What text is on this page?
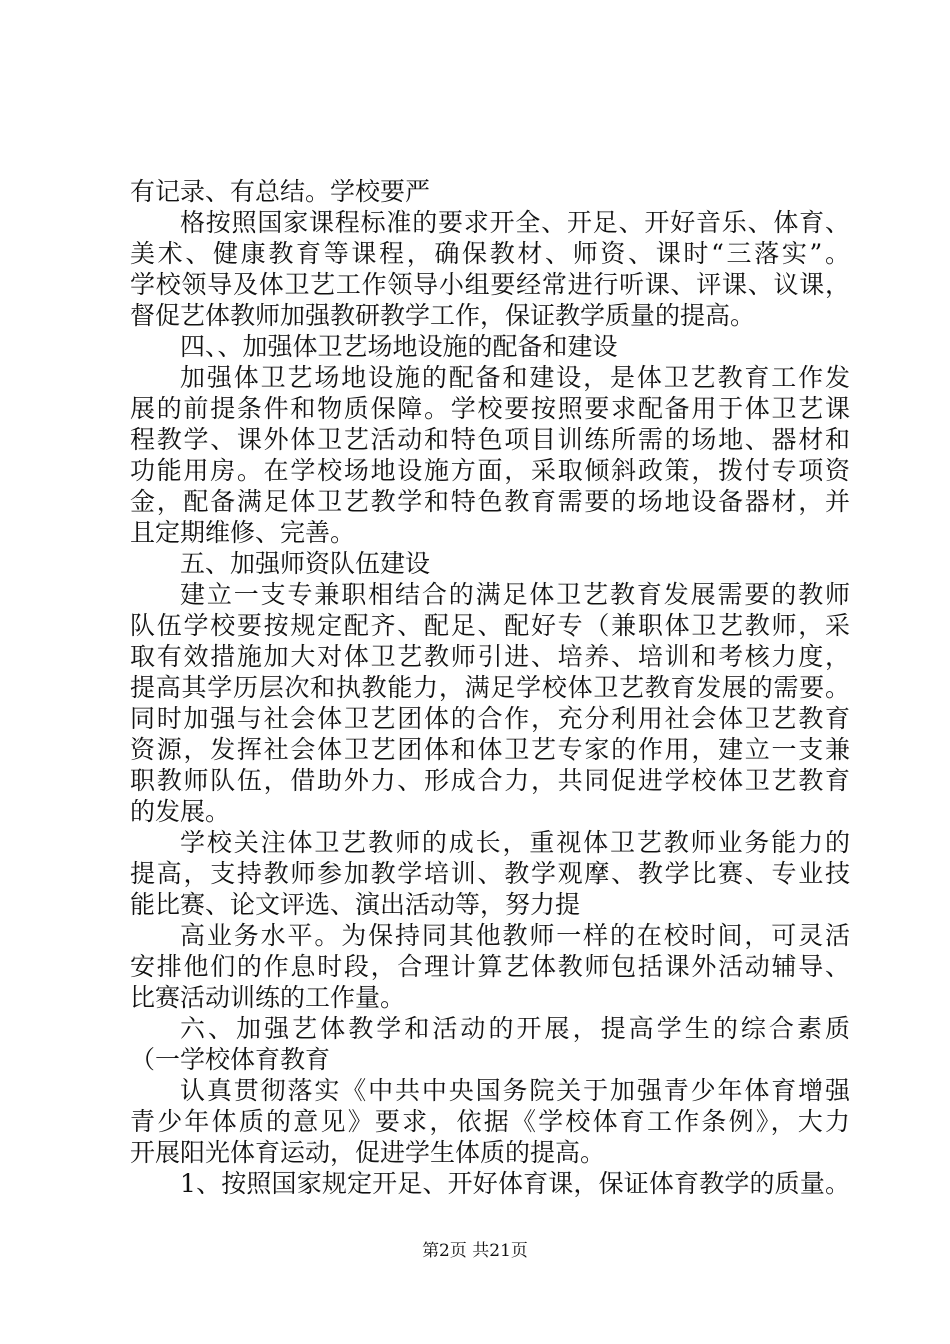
有记录、有总结。学校要严
格按照国家课程标准的要求开全、开足、开好音乐、体育、
美术、健康教育等课程，确保教材、师资、课时“三落实”。
学校领导及体卫艺工作领导小组要经常进行听课、评课、议课，
督促艺体教师加强教研教学工作，保证教学质量的提高。
四、、加强体卫艺场地设施的配备和建设
加强体卫艺场地设施的配备和建设，是体卫艺教育工作发
展的前提条件和物质保障。学校要按照要求配备用于体卫艺课
程教学、课外体卫艺活动和特色项目训练所需的场地、器材和
功能用房。在学校场地设施方面，采取倾斜政策，拨付专项资
金，配备满足体卫艺教学和特色教育需要的场地设备器材，并
且定期维修、完善。
五、加强师资队伍建设
建立一支专兼职相结合的满足体卫艺教育发展需要的教师
队伍学校要按规定配齐、配足、配好专（兼职体卫艺教师，采
取有效措施加大对体卫艺教师引进、培养、培训和考核力度，
提高其学历层次和执教能力，满足学校体卫艺教育发展的需要。
同时加强与社会体卫艺团体的合作，充分利用社会体卫艺教育
资源，发挥社会体卫艺团体和体卫艺专家的作用，建立一支兼
职教师队伍，借助外力、形成合力，共同促进学校体卫艺教育
的发展。
学校关注体卫艺教师的成长，重视体卫艺教师业务能力的
提高，支持教师参加教学培训、教学观摩、教学比赛、专业技
能比赛、论文评选、演出活动等，努力提
高业务水平。为保持同其他教师一样的在校时间，可灵活
安排他们的作息时段，合理计算艺体教师包括课外活动辅导、
比赛活动训练的工作量。
六、加强艺体教学和活动的开展，提高学生的综合素质
（一学校体育教育
认真贯彻落实《中共中央国务院关于加强青少年体育增强
青少年体质的意见》要求，依据《学校体育工作条例》，大力
开展阳光体育运动，促进学生体质的提高。
1、按照国家规定开足、开好体育课，保证体育教学的质量。
第2页 共21页
